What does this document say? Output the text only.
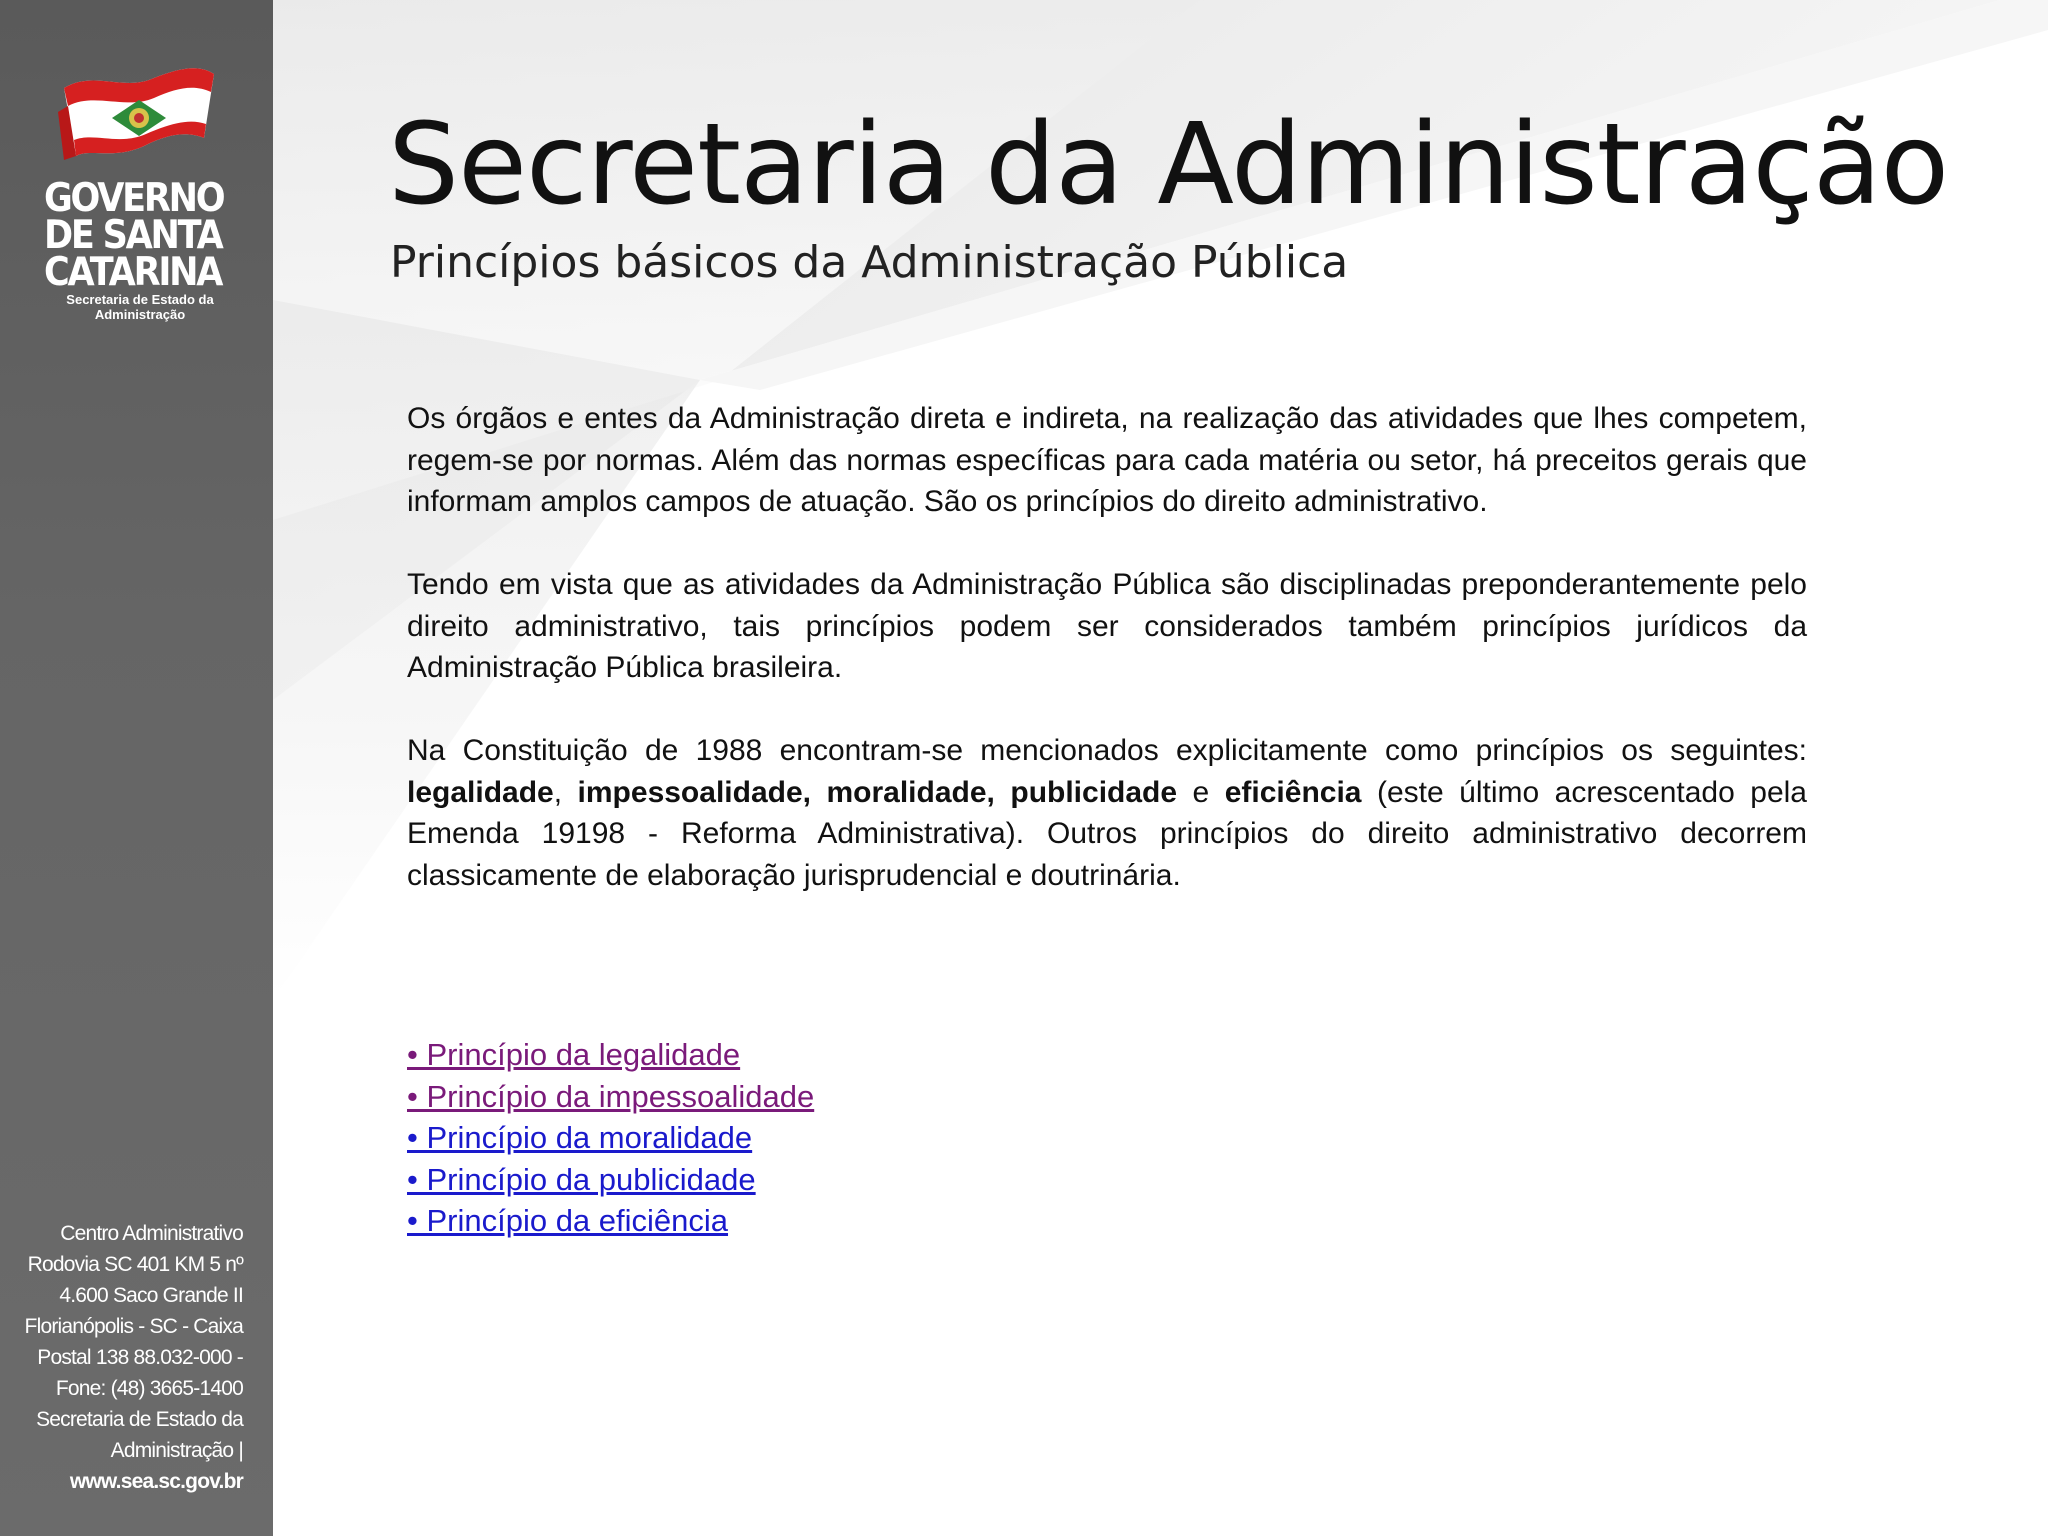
GOVERNO
DE SANTA
CATARINA
Secretaria de Estado da
Administração
Centro Administrativo
Rodovia SC 401 KM 5 nº
4.600 Saco Grande II
Florianópolis - SC - Caixa
Postal 138 88.032-000 -
Fone: (48) 3665-1400
Secretaria de Estado da
Administração |
www.sea.sc.gov.br
Secretaria da Administração
Princípios básicos da Administração Pública

Os órgãos e entes da Administração direta e indireta, na realização das atividades que lhes competem, regem-se por normas. Além das normas específicas para cada matéria ou setor, há preceitos gerais que informam amplos campos de atuação. São os princípios do direito administrativo.

Tendo em vista que as atividades da Administração Pública são disciplinadas preponderantemente pelo direito administrativo, tais princípios podem ser considerados também princípios jurídicos da Administração Pública brasileira.

Na Constituição de 1988 encontram-se mencionados explicitamente como princípios os seguintes: legalidade, impessoalidade, moralidade, publicidade e eficiência (este último acrescentado pela Emenda 19198 - Reforma Administrativa). Outros princípios do direito administrativo decorrem classicamente de elaboração jurisprudencial e doutrinária.

• Princípio da legalidade
• Princípio da impessoalidade
• Princípio da moralidade
• Princípio da publicidade
• Princípio da eficiência
